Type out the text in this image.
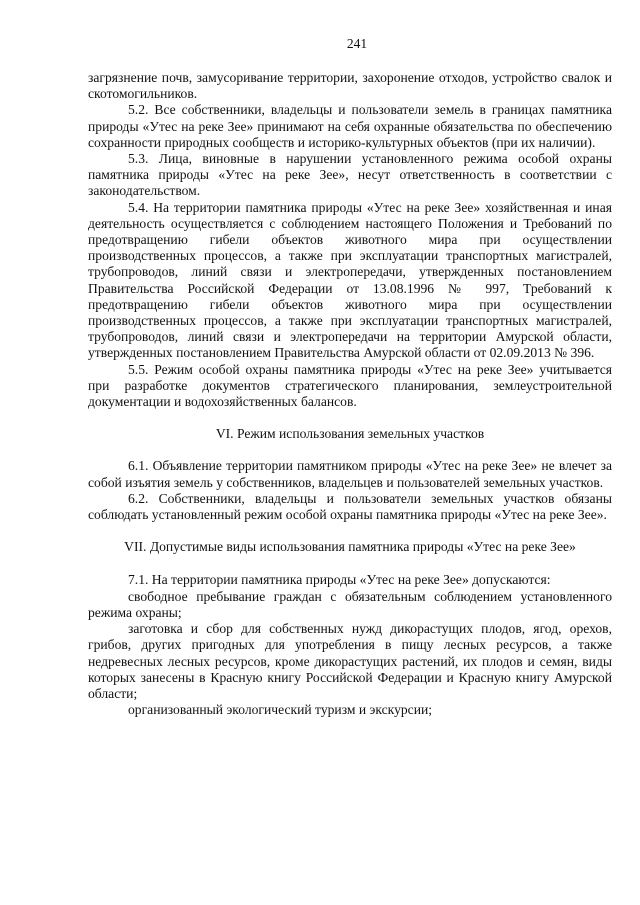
241

загрязнение почв, замусоривание территории, захоронение отходов, устройство свалок и скотомогильников.

5.2. Все собственники, владельцы и пользователи земель в границах памятника природы «Утес на реке Зее» принимают на себя охранные обязательства по обеспечению сохранности природных сообществ и историко-культурных объектов (при их наличии).

5.3. Лица, виновные в нарушении установленного режима особой охраны памятника природы «Утес на реке Зее», несут ответственность в соответствии с законодательством.

5.4. На территории памятника природы «Утес на реке Зее» хозяйственная и иная деятельность осуществляется с соблюдением настоящего Положения и Требований по предотвращению гибели объектов животного мира при осуществлении производственных процессов, а также при эксплуатации транспортных магистралей, трубопроводов, линий связи и электропередачи, утвержденных постановлением Правительства Российской Федерации от 13.08.1996 № 997, Требований к предотвращению гибели объектов животного мира при осуществлении производственных процессов, а также при эксплуатации транспортных магистралей, трубопроводов, линий связи и электропередачи на территории Амурской области, утвержденных постановлением Правительства Амурской области от 02.09.2013 № 396.

5.5. Режим особой охраны памятника природы «Утес на реке Зее» учитывается при разработке документов стратегического планирования, землеустроительной документации и водохозяйственных балансов.

VI. Режим использования земельных участков

6.1. Объявление территории памятником природы «Утес на реке Зее» не влечет за собой изъятия земель у собственников, владельцев и пользователей земельных участков.

6.2. Собственники, владельцы и пользователи земельных участков обязаны соблюдать установленный режим особой охраны памятника природы «Утес на реке Зее».

VII. Допустимые виды использования памятника природы «Утес на реке Зее»

7.1. На территории памятника природы «Утес на реке Зее» допускаются:

свободное пребывание граждан с обязательным соблюдением установленного режима охраны;

заготовка и сбор для собственных нужд дикорастущих плодов, ягод, орехов, грибов, других пригодных для употребления в пищу лесных ресурсов, а также недревесных лесных ресурсов, кроме дикорастущих растений, их плодов и семян, виды которых занесены в Красную книгу Российской Федерации и Красную книгу Амурской области;

организованный экологический туризм и экскурсии;
